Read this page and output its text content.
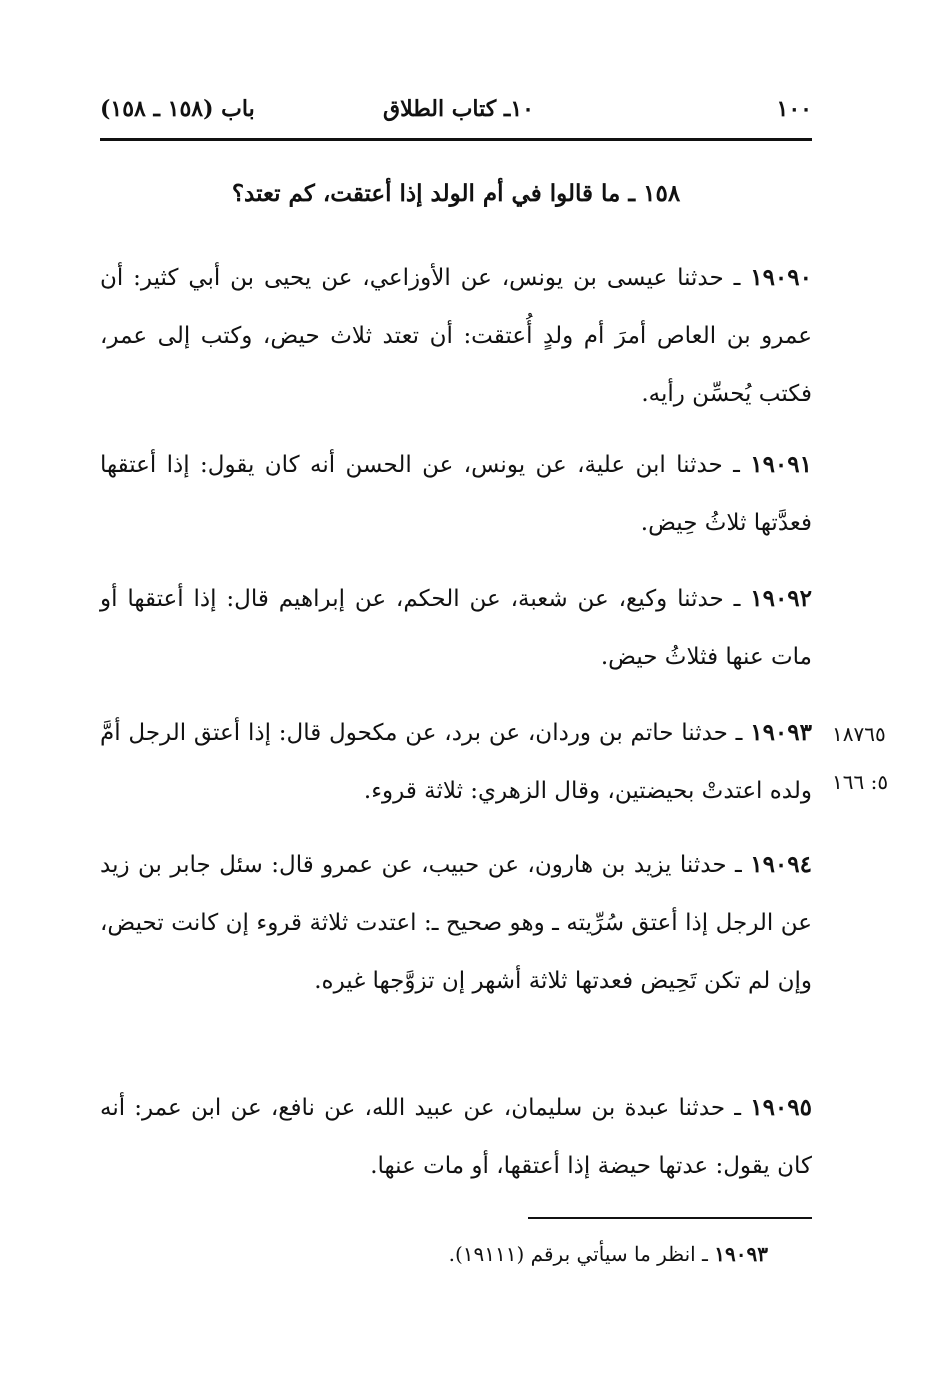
١٠٠
١٠ـ كتاب الطلاق
باب (١٥٨ ـ ١٥٨)
١٥٨ ـ ما قالوا في أم الولد إذا أعتقت، كم تعتد؟
١٩٠٩٠ ـ حدثنا عيسى بن يونس، عن الأوزاعي، عن يحيى بن أبي كثير: أن عمرو بن العاص أمرَ أم ولدٍ أُعتقت: أن تعتد ثلاث حيض، وكتب إلى عمر، فكتب يُحسِّن رأيه.
١٩٠٩١ ـ حدثنا ابن علية، عن يونس، عن الحسن أنه كان يقول: إذا أعتقها فعدَّتها ثلاثُ حِيض.
١٩٠٩٢ ـ حدثنا وكيع، عن شعبة، عن الحكم، عن إبراهيم قال: إذا أعتقها أو مات عنها فثلاثُ حيض.
١٩٠٩٣ ـ حدثنا حاتم بن وردان، عن برد، عن مكحول قال: إذا أعتق الرجل أمَّ ولده اعتدتْ بحيضتين، وقال الزهري: ثلاثة قروء.
١٨٧٦٥
٥: ١٦٦
١٩٠٩٤ ـ حدثنا يزيد بن هارون، عن حبيب، عن عمرو قال: سئل جابر بن زيد عن الرجل إذا أعتق سُرِّيته ـ وهو صحيح ـ: اعتدت ثلاثة قروء إن كانت تحيض، وإن لم تكن تَحِيض فعدتها ثلاثة أشهر إن تزوَّجها غيره.
١٩٠٩٥ ـ حدثنا عبدة بن سليمان، عن عبيد الله، عن نافع، عن ابن عمر: أنه كان يقول: عدتها حيضة إذا أعتقها، أو مات عنها.
١٩٠٩٣ ـ انظر ما سيأتي برقم (١٩١١١).
